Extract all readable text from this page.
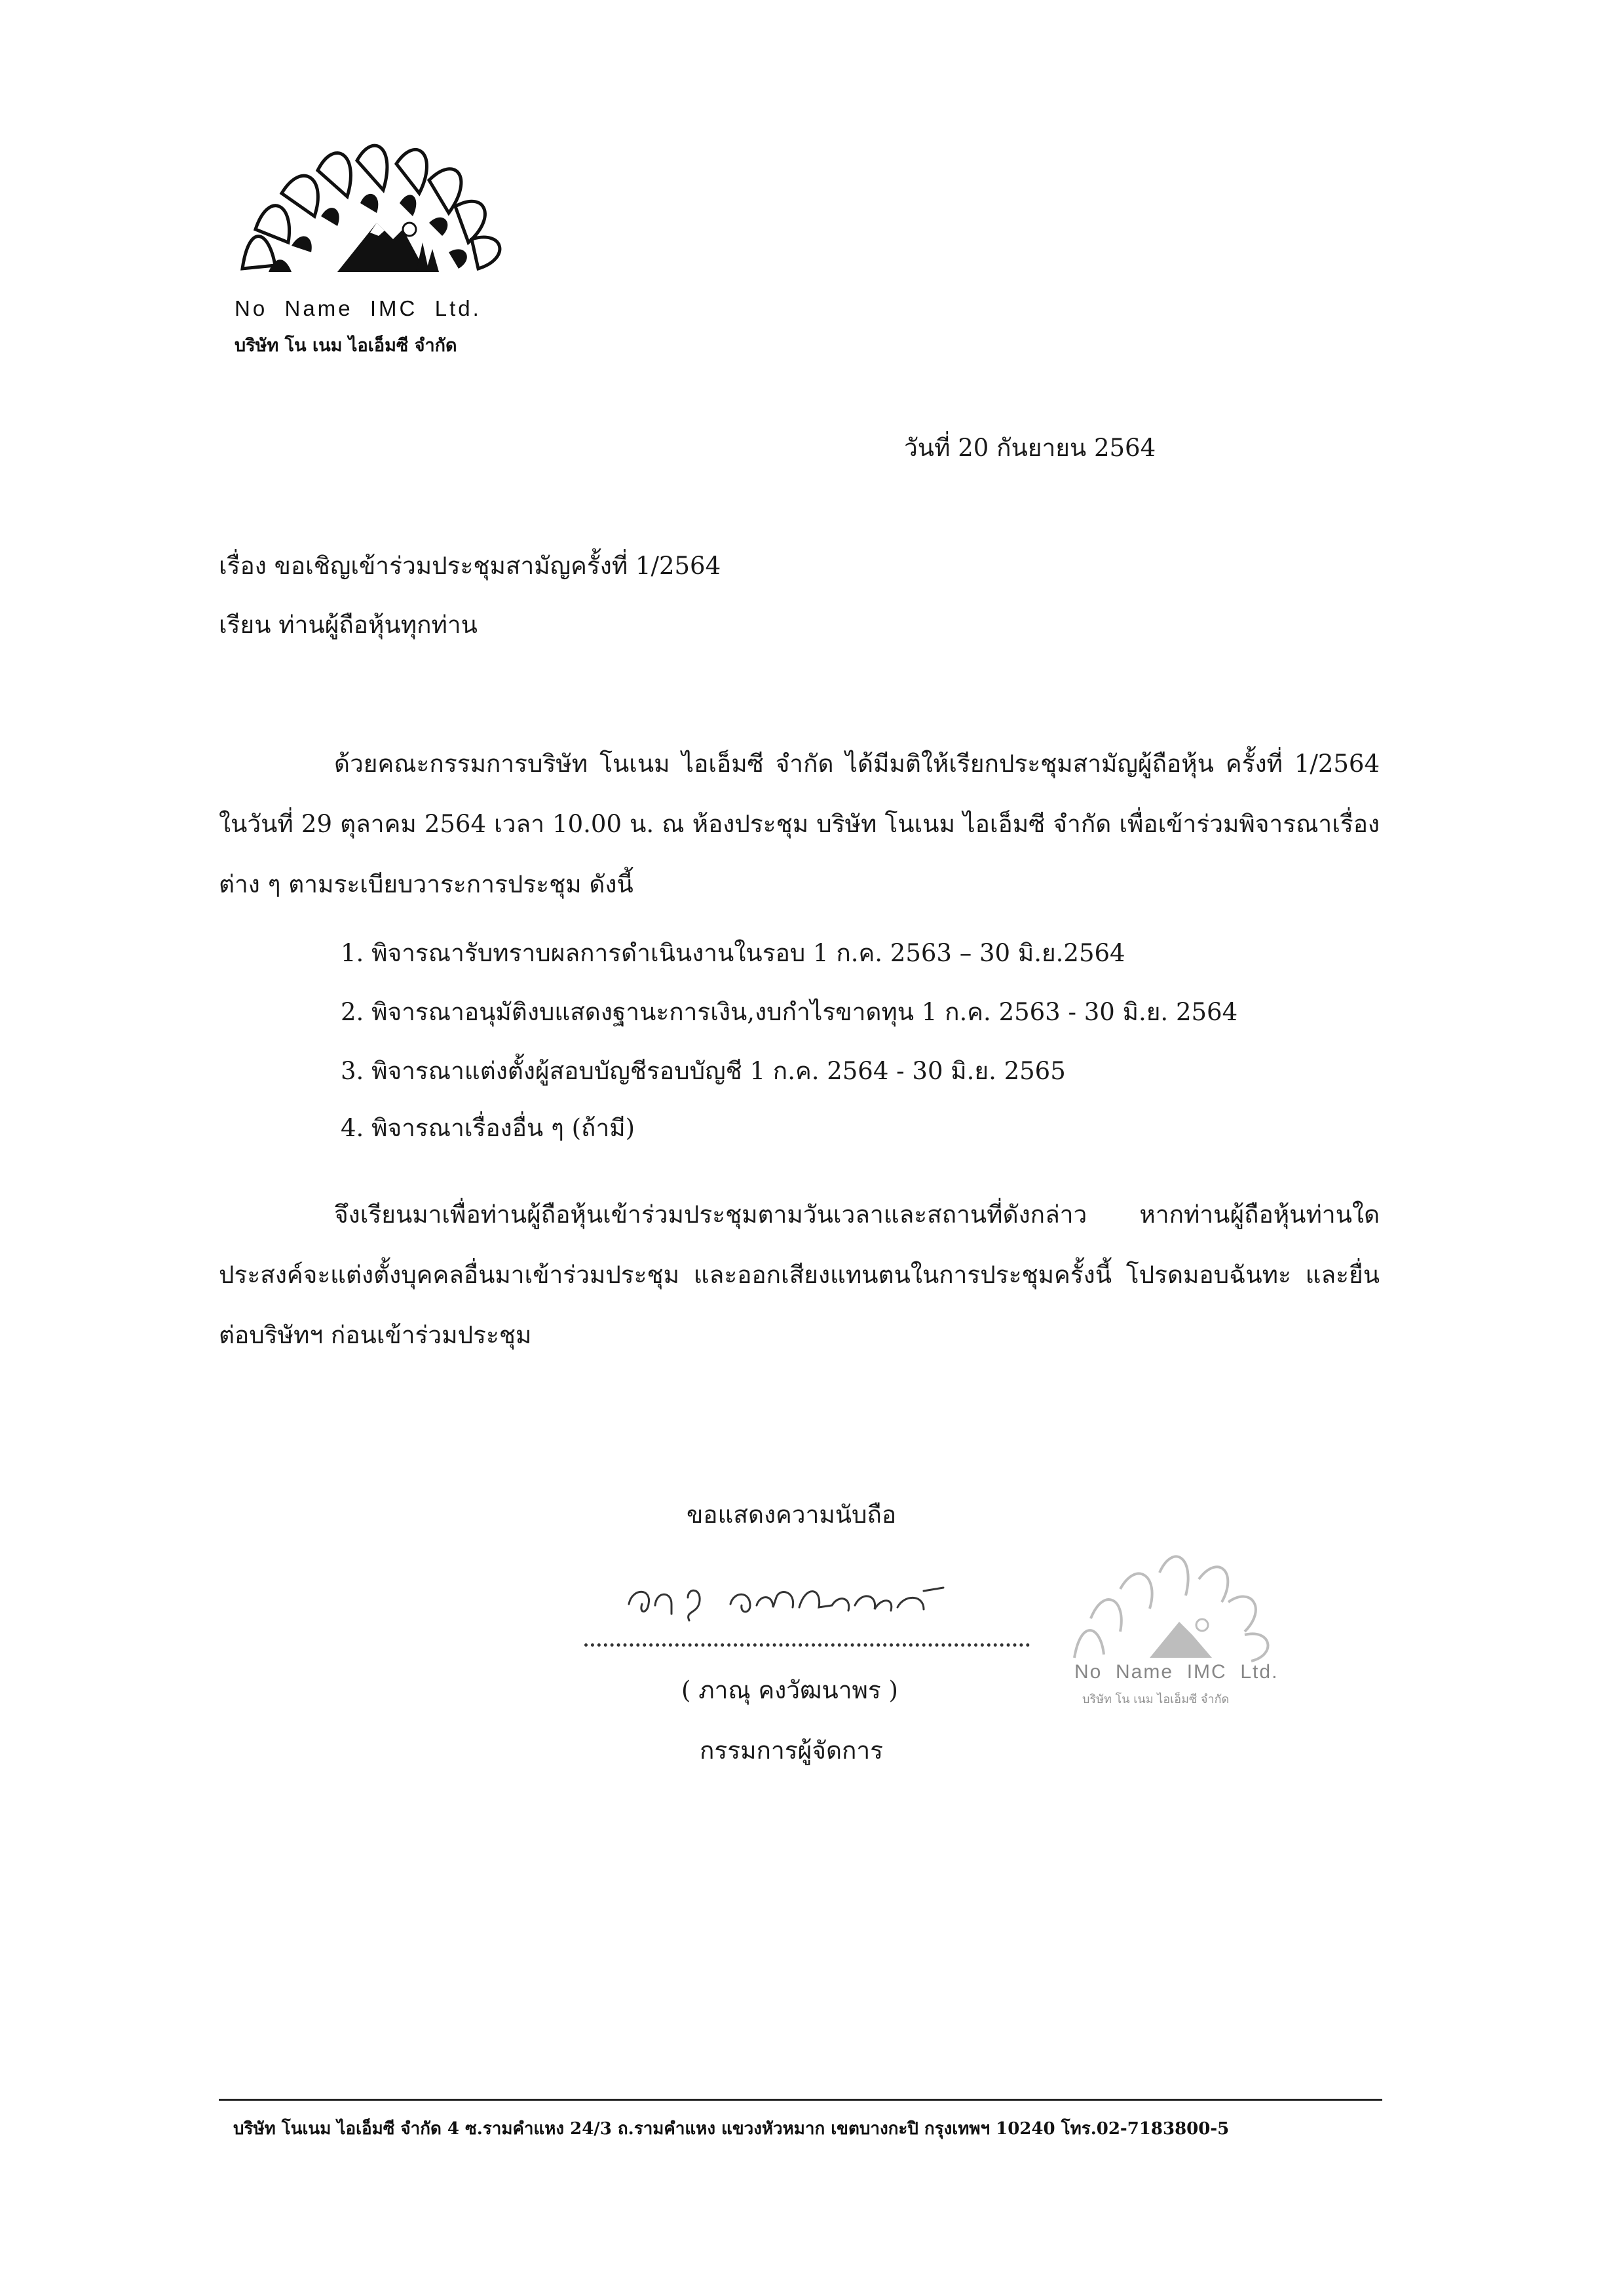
No  Name  IMC  Ltd.
บริษัท โน เนม ไอเอ็มซี จำกัด
วันที่ 20 กันยายน 2564
เรื่อง ขอเชิญเข้าร่วมประชุมสามัญครั้งที่ 1/2564
เรียน ท่านผู้ถือหุ้นทุกท่าน
ด้วยคณะกรรมการบริษัท โนเนม ไอเอ็มซี จำกัด ได้มีมติให้เรียกประชุมสามัญผู้ถือหุ้น ครั้งที่ 1/2564 ในวันที่ 29 ตุลาคม 2564 เวลา 10.00 น. ณ ห้องประชุม บริษัท โนเนม ไอเอ็มซี จำกัด เพื่อเข้าร่วมพิจารณาเรื่องต่าง ๆ ตามระเบียบวาระการประชุม ดังนี้
1. พิจารณารับทราบผลการดำเนินงานในรอบ 1 ก.ค. 2563 – 30 มิ.ย.2564
2. พิจารณาอนุมัติงบแสดงฐานะการเงิน,งบกำไรขาดทุน 1 ก.ค. 2563 - 30 มิ.ย. 2564
3. พิจารณาแต่งตั้งผู้สอบบัญชีรอบบัญชี 1 ก.ค. 2564 - 30 มิ.ย. 2565
4. พิจารณาเรื่องอื่น ๆ (ถ้ามี)
จึงเรียนมาเพื่อท่านผู้ถือหุ้นเข้าร่วมประชุมตามวันเวลาและสถานที่ดังกล่าว หากท่านผู้ถือหุ้นท่านใดประสงค์จะแต่งตั้งบุคคลอื่นมาเข้าร่วมประชุม และออกเสียงแทนตนในการประชุมครั้งนี้ โปรดมอบฉันทะ และยื่นต่อบริษัทฯ ก่อนเข้าร่วมประชุม
ขอแสดงความนับถือ
( ภาณุ คงวัฒนาพร )
กรรมการผู้จัดการ
No  Name  IMC  Ltd.
บริษัท โน เนม ไอเอ็มซี จำกัด
บริษัท โนเนม ไอเอ็มซี จำกัด 4 ซ.รามคำแหง 24/3 ถ.รามคำแหง แขวงหัวหมาก เขตบางกะปิ กรุงเทพฯ 10240 โทร.02-7183800-5
